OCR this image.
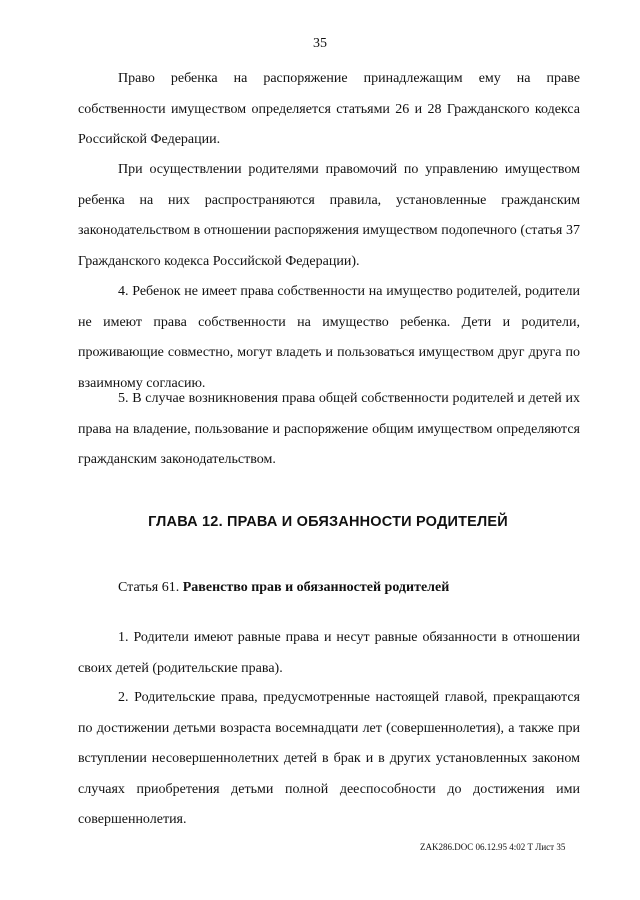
35

Право ребенка на распоряжение принадлежащим ему на праве собственности имуществом определяется статьями 26 и 28 Гражданского кодекса Российской Федерации.

При осуществлении родителями правомочий по управлению имуществом ребенка на них распространяются правила, установленные гражданским законодательством в отношении распоряжения имуществом подопечного (статья 37 Гражданского кодекса Российской Федерации).

4. Ребенок не имеет права собственности на имущество родителей, родители не имеют права собственности на имущество ребенка. Дети и родители, проживающие совместно, могут владеть и пользоваться имуществом друг друга по взаимному согласию.

5. В случае возникновения права общей собственности родителей и детей их права на владение, пользование и распоряжение общим имуществом определяются гражданским законодательством.

ГЛАВА 12. ПРАВА И ОБЯЗАННОСТИ РОДИТЕЛЕЙ

Статья 61. Равенство прав и обязанностей родителей

1. Родители имеют равные права и несут равные обязанности в отношении своих детей (родительские права).

2. Родительские права, предусмотренные настоящей главой, прекращаются по достижении детьми возраста восемнадцати лет (совершеннолетия), а также при вступлении несовершеннолетних детей в брак и в других установленных законом случаях приобретения детьми полной дееспособности до достижения ими совершеннолетия.

ZAK286.DOC 06.12.95 4:02 Т Лист 35
